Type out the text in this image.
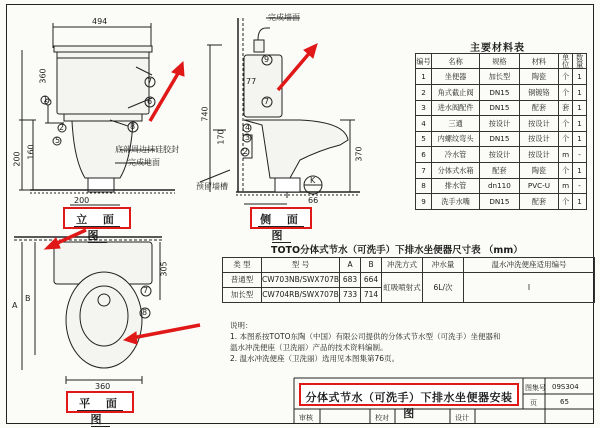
494
200 160
360
200
底部周边抹硅胶封
完成地面
7
6
8
2
5
1
立 面 图
完成墙面
预留墙槽
740
370
170
77
K
66
9
7
4
3
2
侧 面 图
360
A
B
305
7
8
平 面 图
主要材料表
编号	名称	规格	材料	单位	数量
1	坐便器	加长型	陶瓷	个	1
2	角式截止阀	DN15	铜镀铬	个	1
3	进水阀配件	DN15	配套	套	1
4	三通	按设计	按设计	个	1
5	内螺纹弯头	DN15	按设计	个	1
6	冷水管	按设计	按设计	m	-
7	分体式水箱	配套	陶瓷	个	1
8	排水管	dn110	PVC-U	m	-
9	洗手水嘴	DN15	配套	个	1
TOTO分体式节水（可洗手）下排水坐便器尺寸表 （mm）
类 型	型 号	A	B	冲洗方式	冲水量	温水冲洗便座适用编号
普通型	CW703NB/SWX707B	683	664	虹吸喷射式	6L/次	I
加长型	CW704RB/SWX707B	733	714			
说明：
1. 本图系按TOTO东陶（中国）有限公司提供的分体式节水型（可洗手）坐便器和
温水冲洗便座（卫洗丽）产品的技术资料编制。
2. 温水冲洗便座（卫洗丽）选用见本图集第76页。
分体式节水（可洗手）下排水坐便器安装图
图集号 09S304
页	65
审核	校对	设计
